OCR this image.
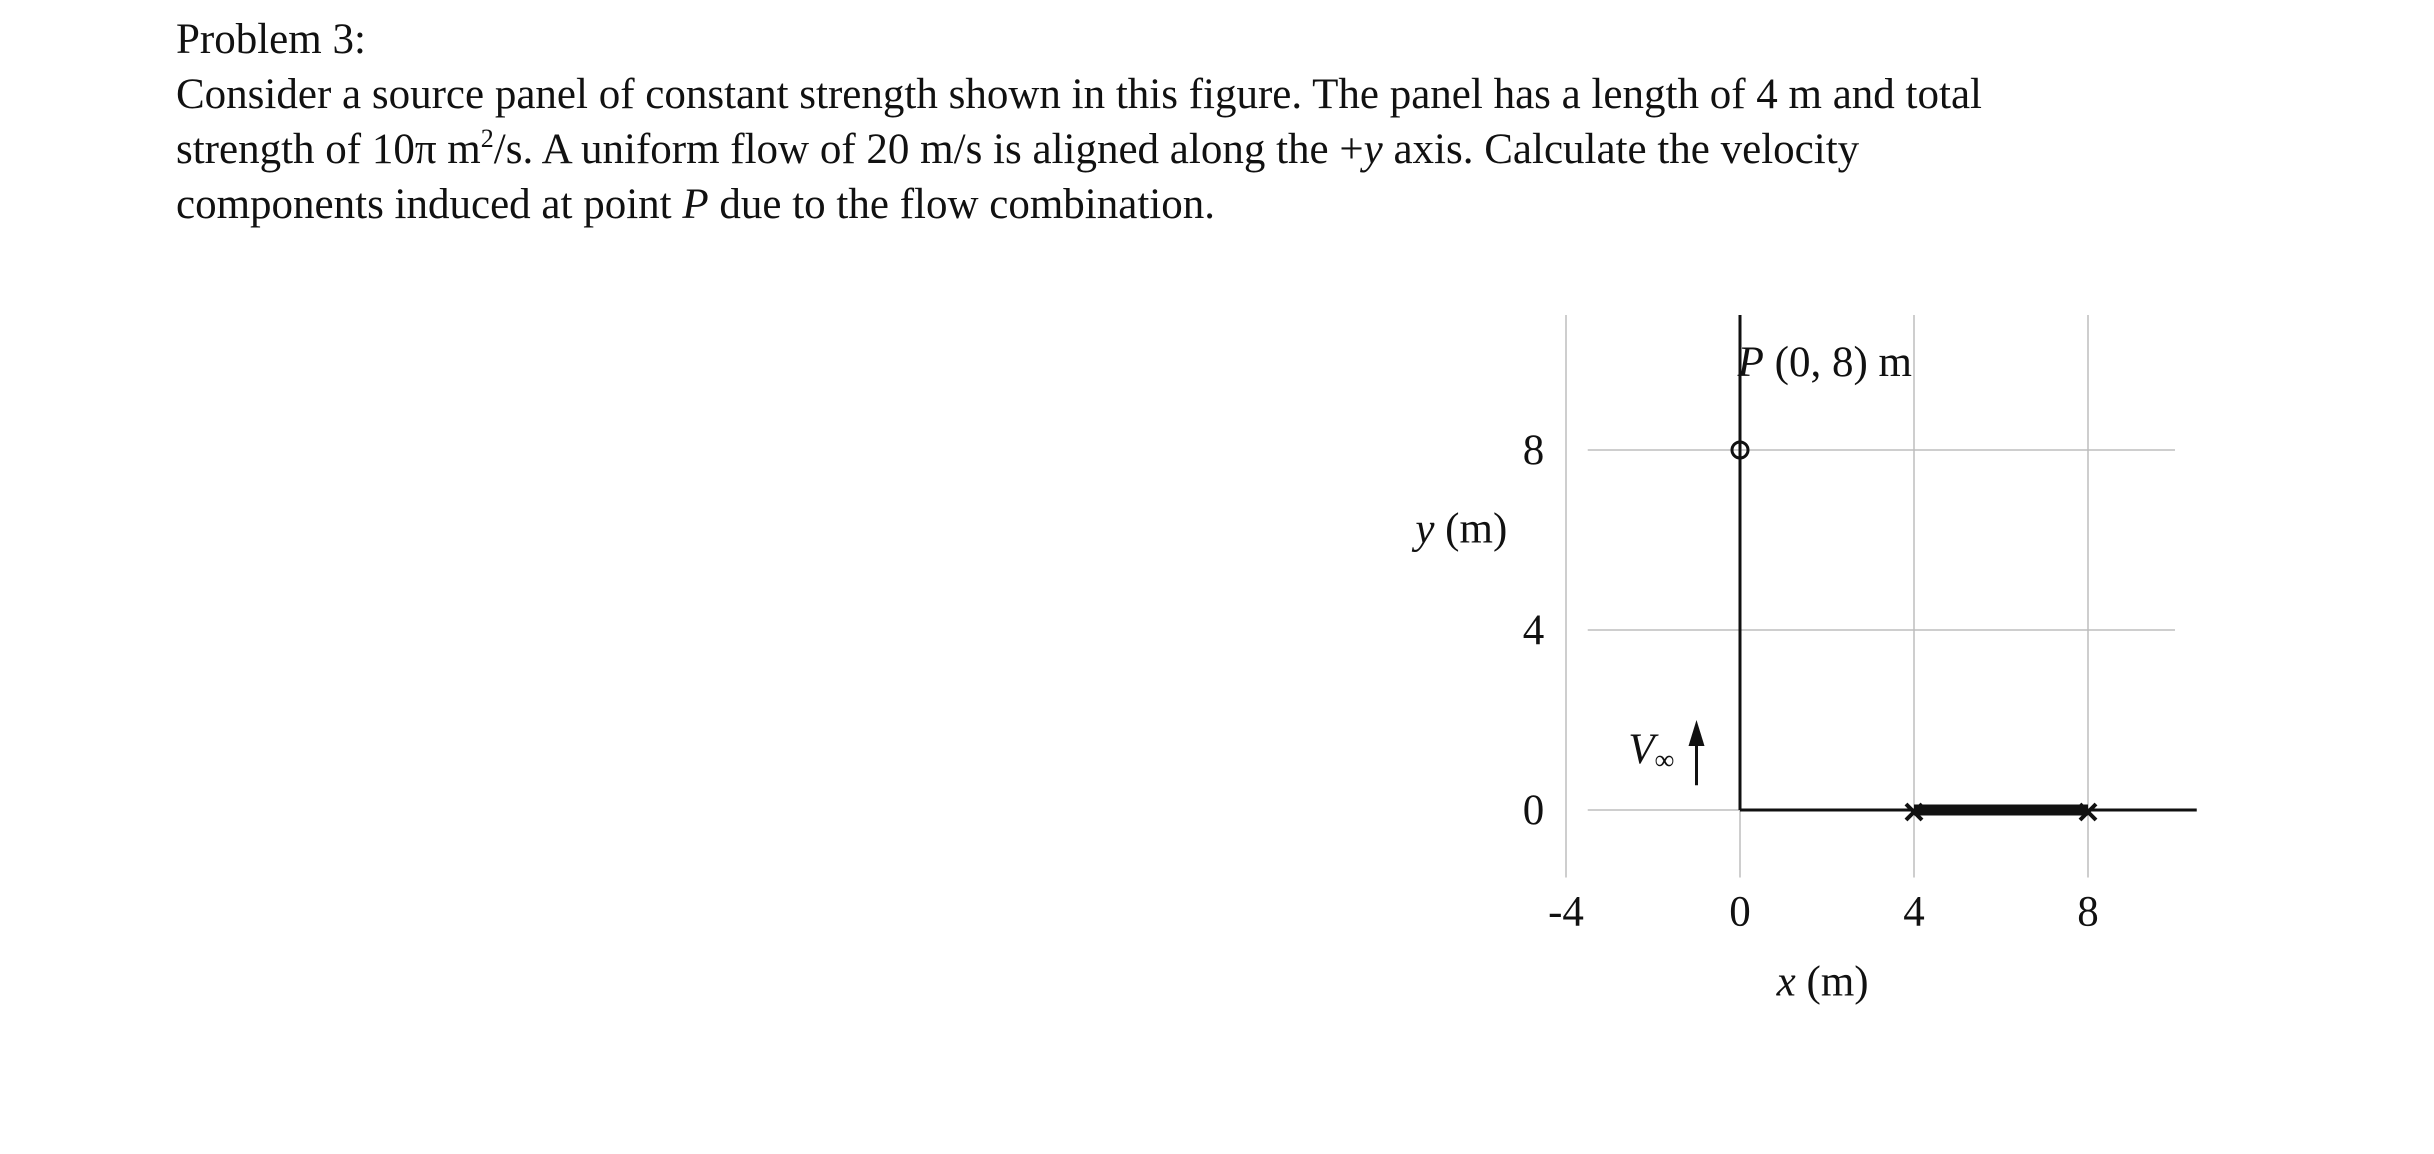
Problem 3:

Consider a source panel of constant strength shown in this figure. The panel has a length of 4 m and total

strength of 10π $m^2/s$. A uniform flow of 20 m/s is aligned along the +y axis. Calculate the velocity

components induced at point P due to the flow combination.

-4	0	4	8
0
4
8
x (m)
y (m)
P (0, 8) m
V∞
